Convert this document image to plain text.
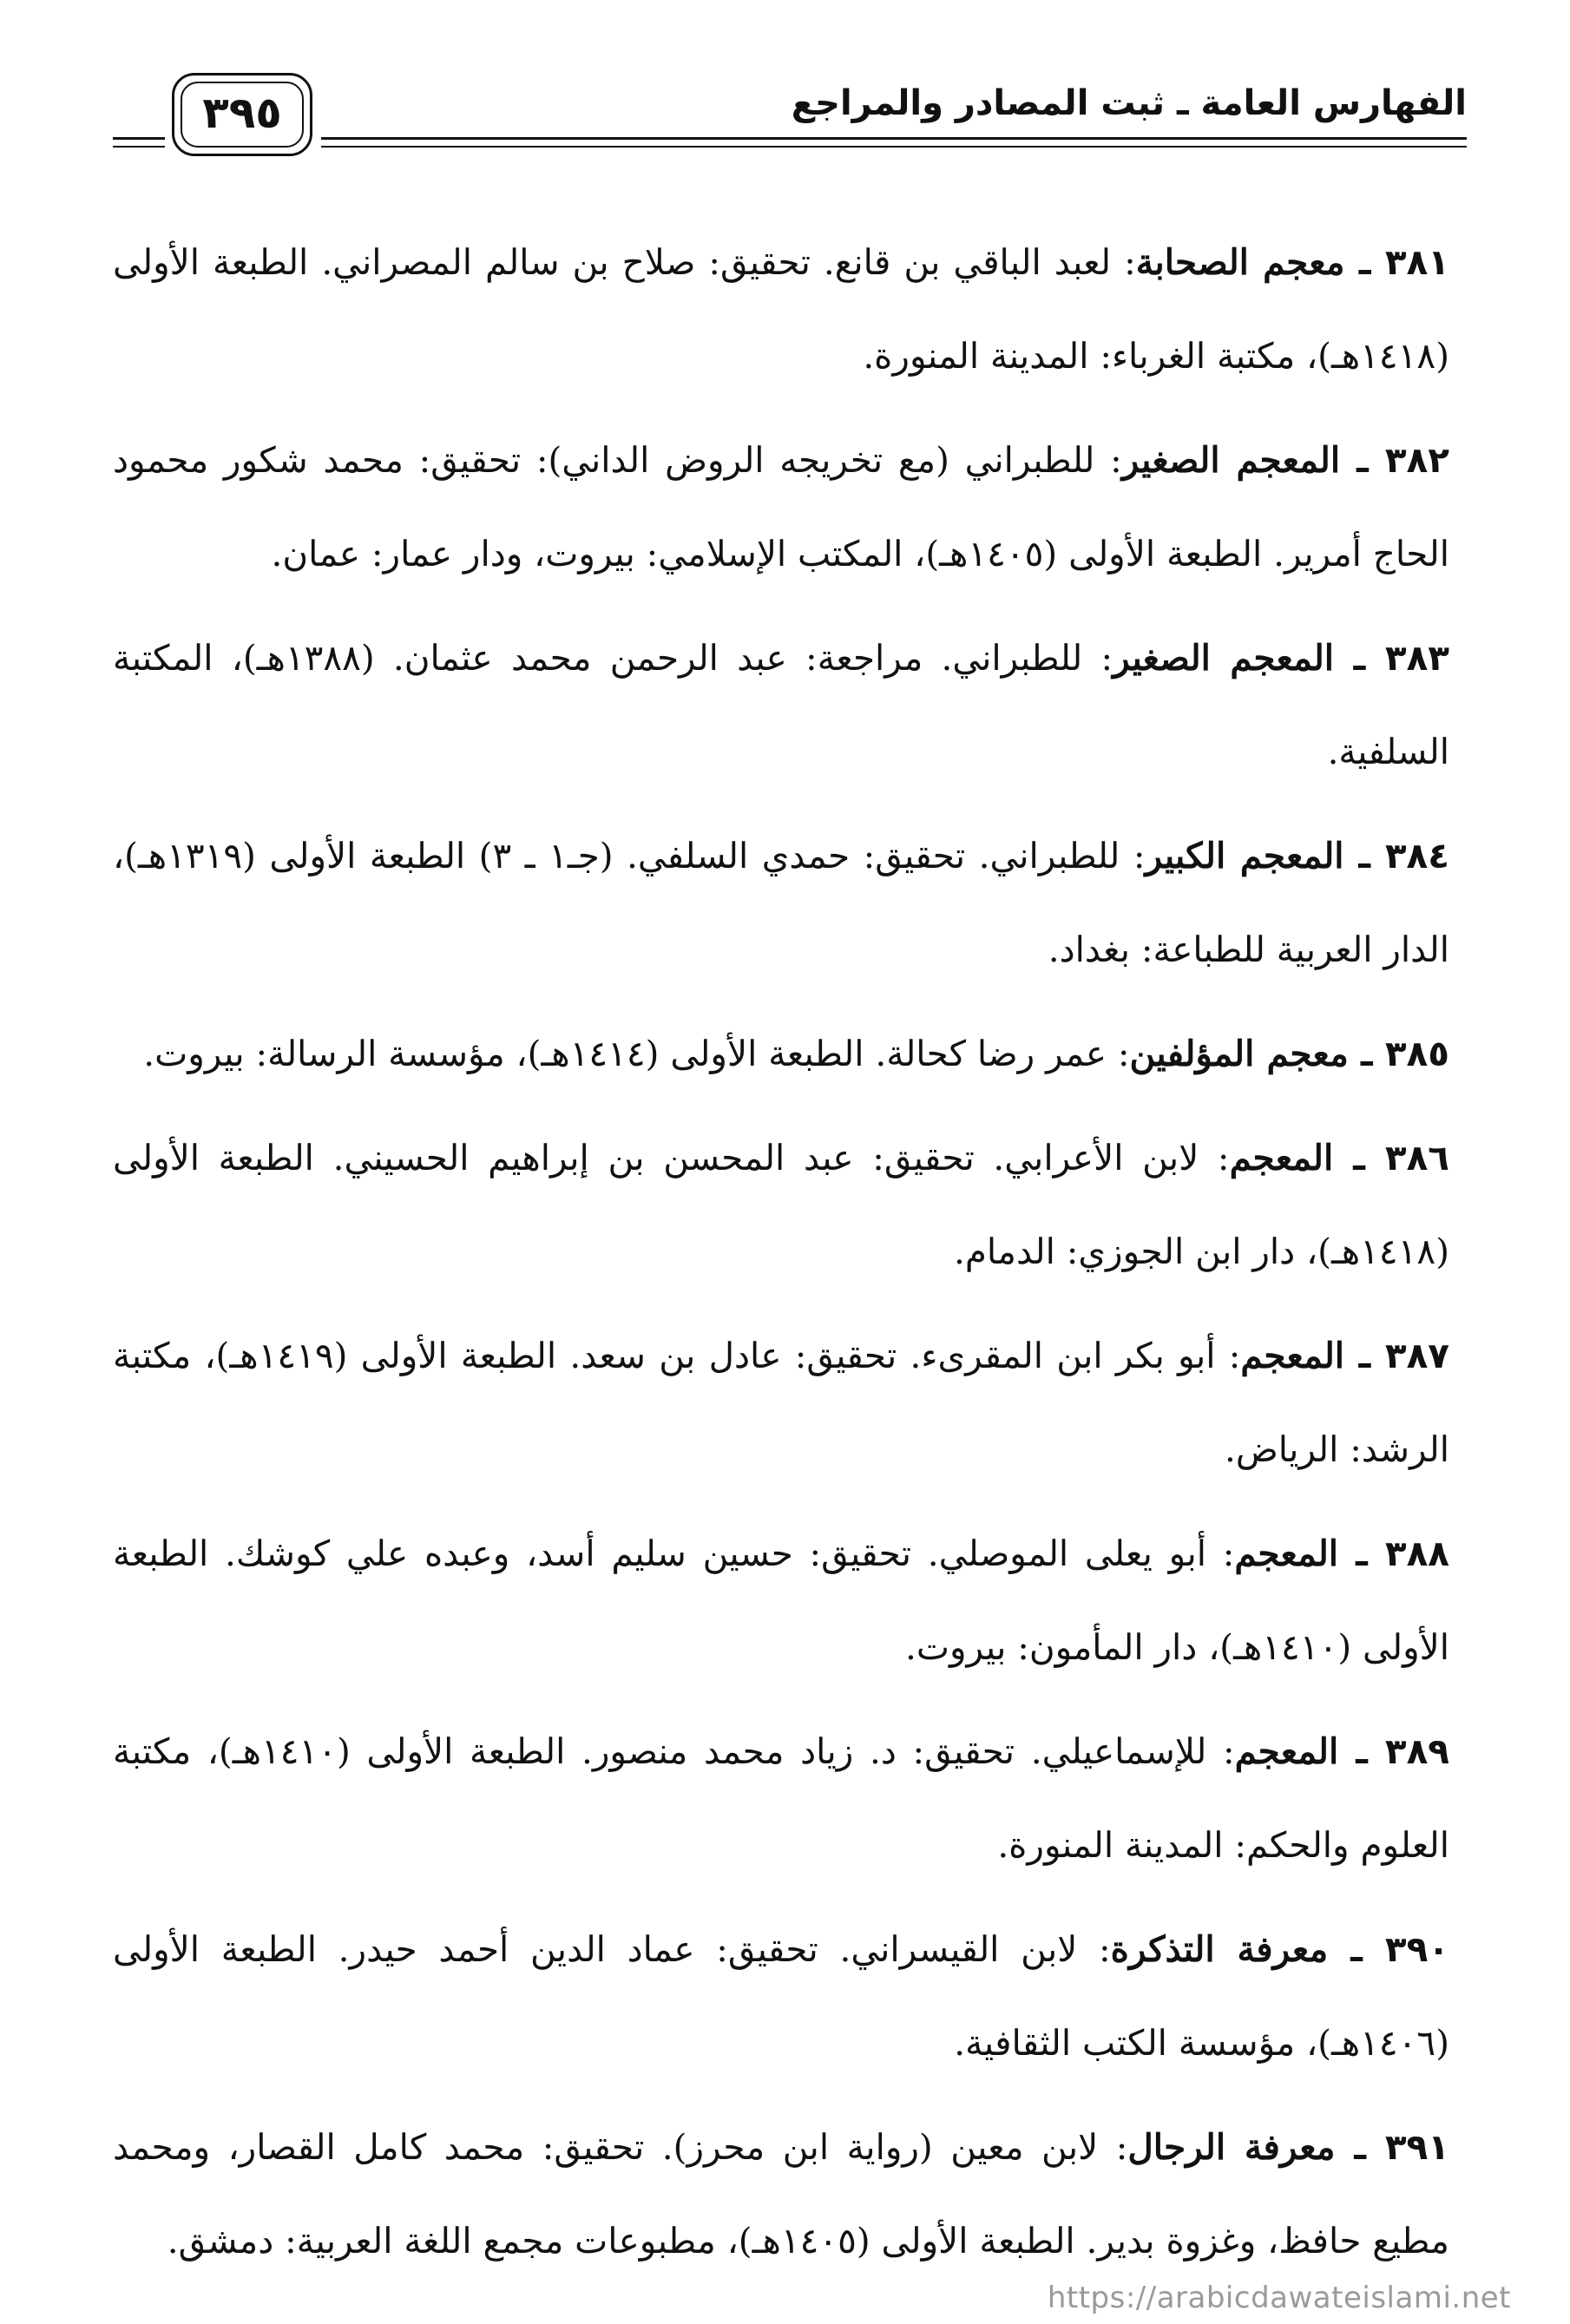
الفهارس العامة ـ ثبت المصادر والمراجع
٣٩٥

٣٨١ ـ معجم الصحابة: لعبد الباقي بن قانع. تحقيق: صلاح بن سالم المصراني. الطبعة الأولى (١٤١٨هـ)، مكتبة الغرباء: المدينة المنورة.

٣٨٢ ـ المعجم الصغير: للطبراني (مع تخريجه الروض الداني): تحقيق: محمد شكور محمود الحاج أمرير. الطبعة الأولى (١٤٠٥هـ)، المكتب الإسلامي: بيروت، ودار عمار: عمان.

٣٨٣ ـ المعجم الصغير: للطبراني. مراجعة: عبد الرحمن محمد عثمان. (١٣٨٨هـ)، المكتبة السلفية.

٣٨٤ ـ المعجم الكبير: للطبراني. تحقيق: حمدي السلفي. (جـ١ ـ ٣) الطبعة الأولى (١٣١٩هـ)، الدار العربية للطباعة: بغداد.

٣٨٥ ـ معجم المؤلفين: عمر رضا كحالة. الطبعة الأولى (١٤١٤هـ)، مؤسسة الرسالة: بيروت.

٣٨٦ ـ المعجم: لابن الأعرابي. تحقيق: عبد المحسن بن إبراهيم الحسيني. الطبعة الأولى (١٤١٨هـ)، دار ابن الجوزي: الدمام.

٣٨٧ ـ المعجم: أبو بكر ابن المقرىء. تحقيق: عادل بن سعد. الطبعة الأولى (١٤١٩هـ)، مكتبة الرشد: الرياض.

٣٨٨ ـ المعجم: أبو يعلى الموصلي. تحقيق: حسين سليم أسد، وعبده علي كوشك. الطبعة الأولى (١٤١٠هـ)، دار المأمون: بيروت.

٣٨٩ ـ المعجم: للإسماعيلي. تحقيق: د. زياد محمد منصور. الطبعة الأولى (١٤١٠هـ)، مكتبة العلوم والحكم: المدينة المنورة.

٣٩٠ ـ معرفة التذكرة: لابن القيسراني. تحقيق: عماد الدين أحمد حيدر. الطبعة الأولى (١٤٠٦هـ)، مؤسسة الكتب الثقافية.

٣٩١ ـ معرفة الرجال: لابن معين (رواية ابن محرز). تحقيق: محمد كامل القصار، ومحمد مطيع حافظ، وغزوة بدير. الطبعة الأولى (١٤٠٥هـ)، مطبوعات مجمع اللغة العربية: دمشق.

https://arabicdawateislami.net
